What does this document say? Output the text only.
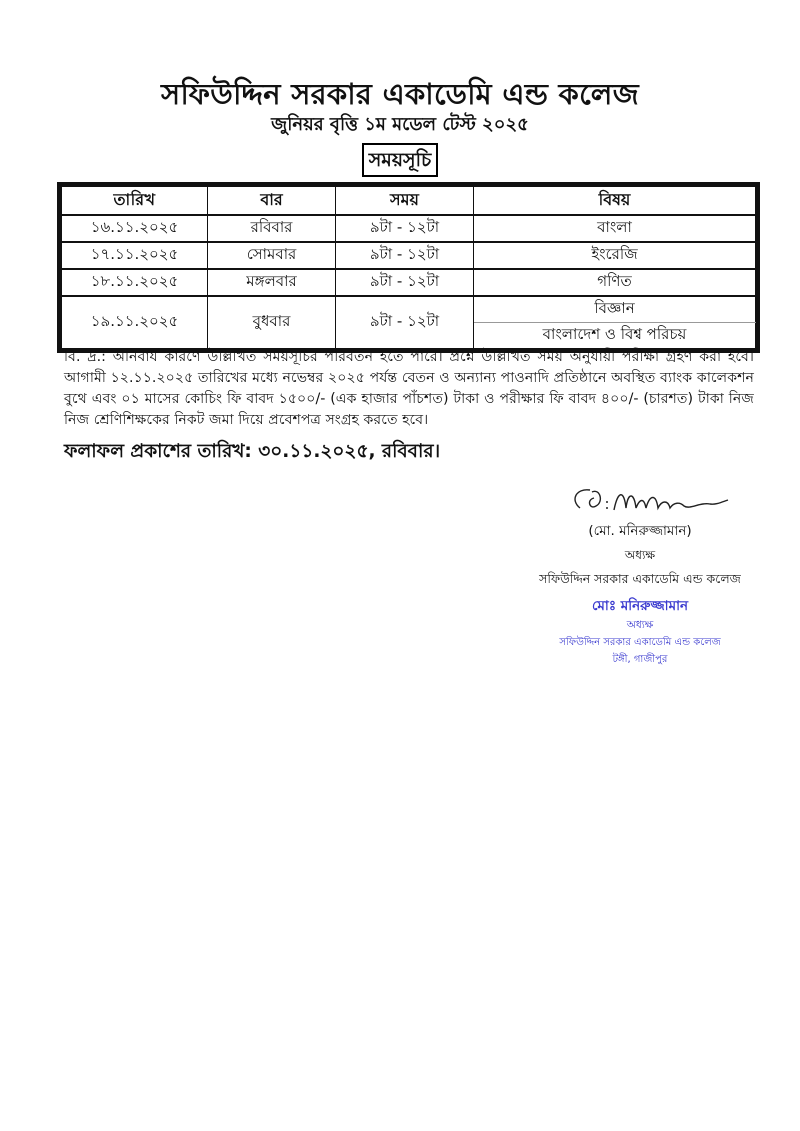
সফিউদ্দিন সরকার একাডেমি এন্ড কলেজ
জুনিয়র বৃত্তি ১ম মডেল টেস্ট ২০২৫
সময়সূচি
তারিখ	বার	সময়	বিষয়
১৬.১১.২০২৫	রবিবার	৯টা - ১২টা	বাংলা
১৭.১১.২০২৫	সোমবার	৯টা - ১২টা	ইংরেজি
১৮.১১.২০২৫	মঙ্গলবার	৯টা - ১২টা	গণিত
১৯.১১.২০২৫	বুধবার	৯টা - ১২টা	বিজ্ঞান
			বাংলাদেশ ও বিশ্ব পরিচয়
বি. দ্র.: অনিবার্য কারণে উল্লিখিত সময়সূচির পরিবর্তন হতে পারে। প্রশ্নে উল্লিখিত সময় অনুযায়ী পরীক্ষা গ্রহণ করা হবে। আগামী ১২.১১.২০২৫ তারিখের মধ্যে নভেম্বর ২০২৫ পর্যন্ত বেতন ও অন্যান্য পাওনাদি প্রতিষ্ঠানে অবস্থিত ব্যাংক কালেকশন বুথে এবং ০১ মাসের কোচিং ফি বাবদ ১৫০০/- (এক হাজার পাঁচশত) টাকা ও পরীক্ষার ফি বাবদ ৪০০/- (চারশত) টাকা নিজ নিজ শ্রেণিশিক্ষকের নিকট জমা দিয়ে প্রবেশপত্র সংগ্রহ করতে হবে।
ফলাফল প্রকাশের তারিখ: ৩০.১১.২০২৫, রবিবার।
(মো. মনিরুজ্জামান)
অধ্যক্ষ
সফিউদ্দিন সরকার একাডেমি এন্ড কলেজ
মোঃ মনিরুজ্জামান
অধ্যক্ষ
সফিউদ্দিন সরকার একাডেমি এন্ড কলেজ
টঙ্গী, গাজীপুর
